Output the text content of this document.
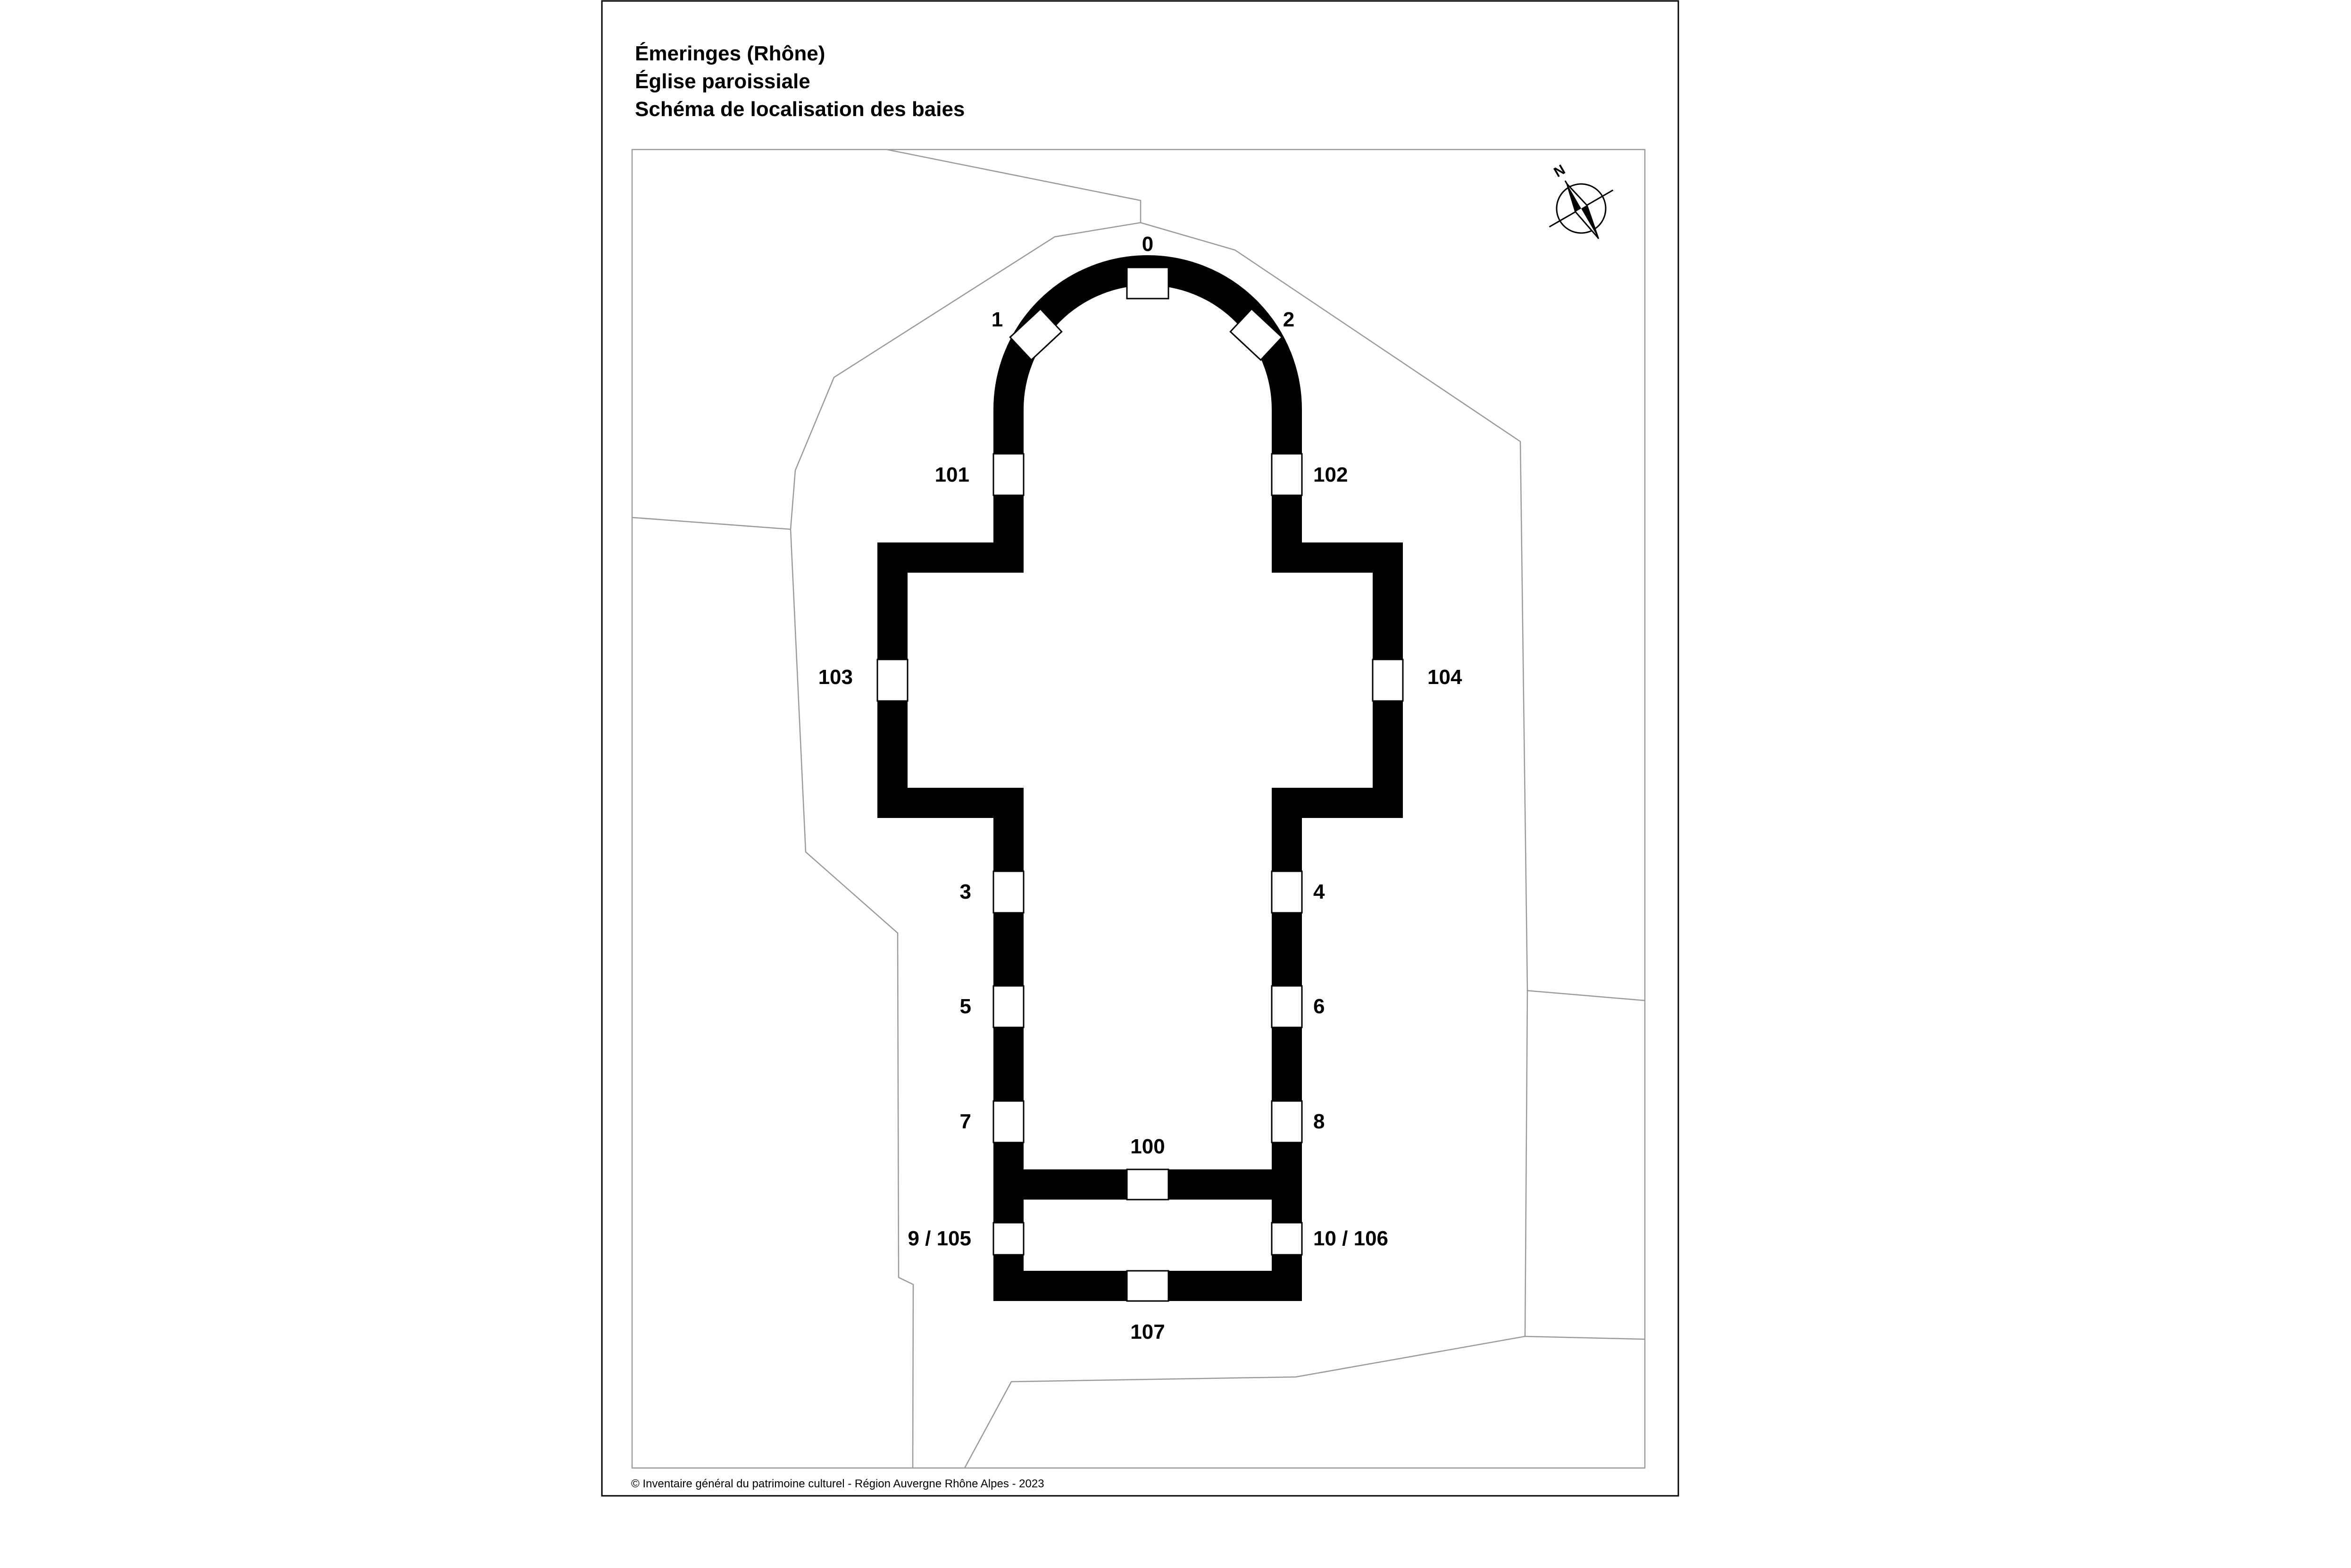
Émeringes (Rhône)
Église paroissiale
Schéma de localisation des baies
0
1	2
101	102
103	104
3	4
5	6
7	8
100
9 / 105	10 / 106
107
N
© Inventaire général du patrimoine culturel - Région Auvergne Rhône Alpes - 2023
